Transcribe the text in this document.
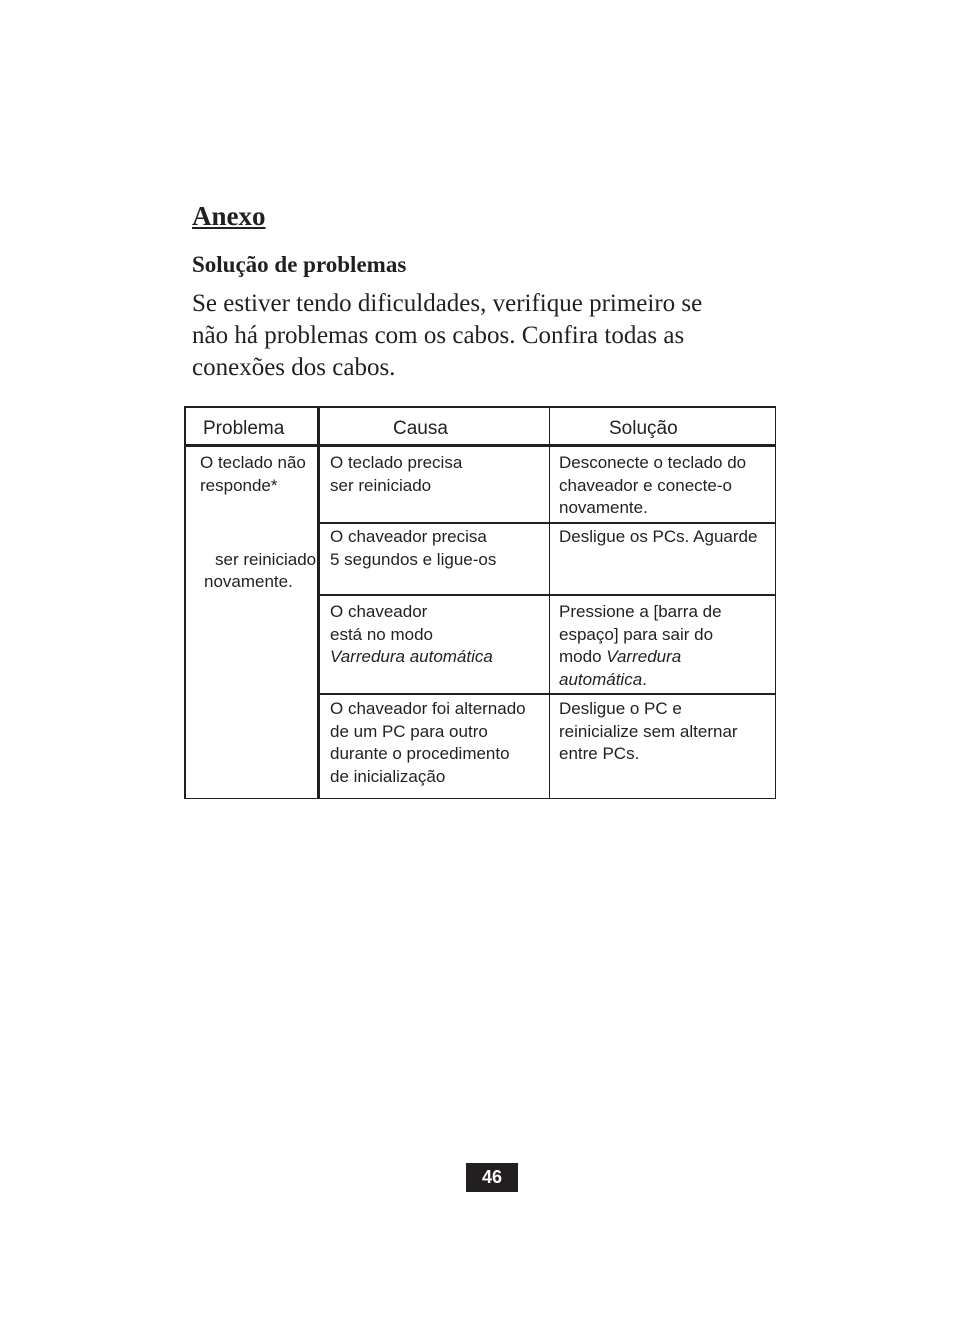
Anexo
Solução de problemas

Se estiver tendo dificuldades, verifique primeiro se
não há problemas com os cabos. Confira todas as
conexões dos cabos.

Problema	Causa	Solução
O teclado não
responde*
ser reiniciado
novamente.
O teclado precisa
ser reiniciado
Desconecte o teclado do
chaveador e conecte-o
novamente.
O chaveador precisa
5 segundos e ligue-os
Desligue os PCs. Aguarde
O chaveador
está no modo
Varredura automática
Pressione a [barra de
espaço] para sair do
modo Varredura
automática.
O chaveador foi alternado
de um PC para outro
durante o procedimento
de inicialização
Desligue o PC e
reinicialize sem alternar
entre PCs.
46
